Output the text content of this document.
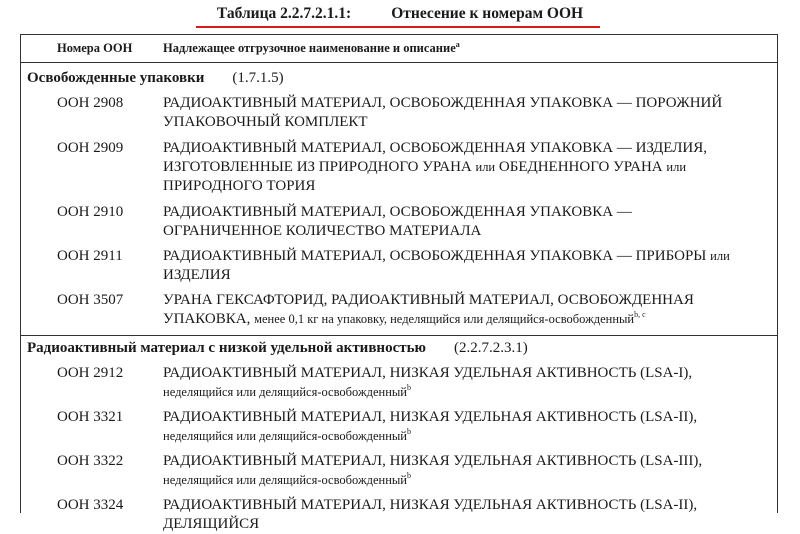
Таблица 2.2.7.2.1.1:	Отнесение к номерам ООН
Номера ООН Надлежащее отгрузочное наименование и описание$^a$
Освобожденные упаковки (1.7.1.5)
ООН 2908	РАДИОАКТИВНЫЙ МАТЕРИАЛ, ОСВОБОЖДЕННАЯ УПАКОВКА — ПОРОЖНИЙ
УПАКОВОЧНЫЙ КОМПЛЕКТ
ООН 2909	РАДИОАКТИВНЫЙ МАТЕРИАЛ, ОСВОБОЖДЕННАЯ УПАКОВКА — ИЗДЕЛИЯ,
ИЗГОТОВЛЕННЫЕ ИЗ ПРИРОДНОГО УРАНА или ОБЕДНЕННОГО УРАНА или
ПРИРОДНОГО ТОРИЯ
ООН 2910	РАДИОАКТИВНЫЙ МАТЕРИАЛ, ОСВОБОЖДЕННАЯ УПАКОВКА —
ОГРАНИЧЕННОЕ КОЛИЧЕСТВО МАТЕРИАЛА
ООН 2911	РАДИОАКТИВНЫЙ МАТЕРИАЛ, ОСВОБОЖДЕННАЯ УПАКОВКА — ПРИБОРЫ или
ИЗДЕЛИЯ
ООН 3507	УРАНА ГЕКСАФТОРИД, РАДИОАКТИВНЫЙ МАТЕРИАЛ, ОСВОБОЖДЕННАЯ
УПАКОВКА, менее 0,1 кг на упаковку, неделящийся или делящийся-освобожденный$^{b, c}$
Радиоактивный материал с низкой удельной активностью (2.2.7.2.3.1)
ООН 2912	РАДИОАКТИВНЫЙ МАТЕРИАЛ, НИЗКАЯ УДЕЛЬНАЯ АКТИВНОСТЬ (LSA-I),
неделящийся или делящийся-освобожденный$^b$
ООН 3321	РАДИОАКТИВНЫЙ МАТЕРИАЛ, НИЗКАЯ УДЕЛЬНАЯ АКТИВНОСТЬ (LSA-II),
неделящийся или делящийся-освобожденный$^b$
ООН 3322	РАДИОАКТИВНЫЙ МАТЕРИАЛ, НИЗКАЯ УДЕЛЬНАЯ АКТИВНОСТЬ (LSA-III),
неделящийся или делящийся-освобожденный$^b$
ООН 3324	РАДИОАКТИВНЫЙ МАТЕРИАЛ, НИЗКАЯ УДЕЛЬНАЯ АКТИВНОСТЬ (LSA-II),
ДЕЛЯЩИЙСЯ
